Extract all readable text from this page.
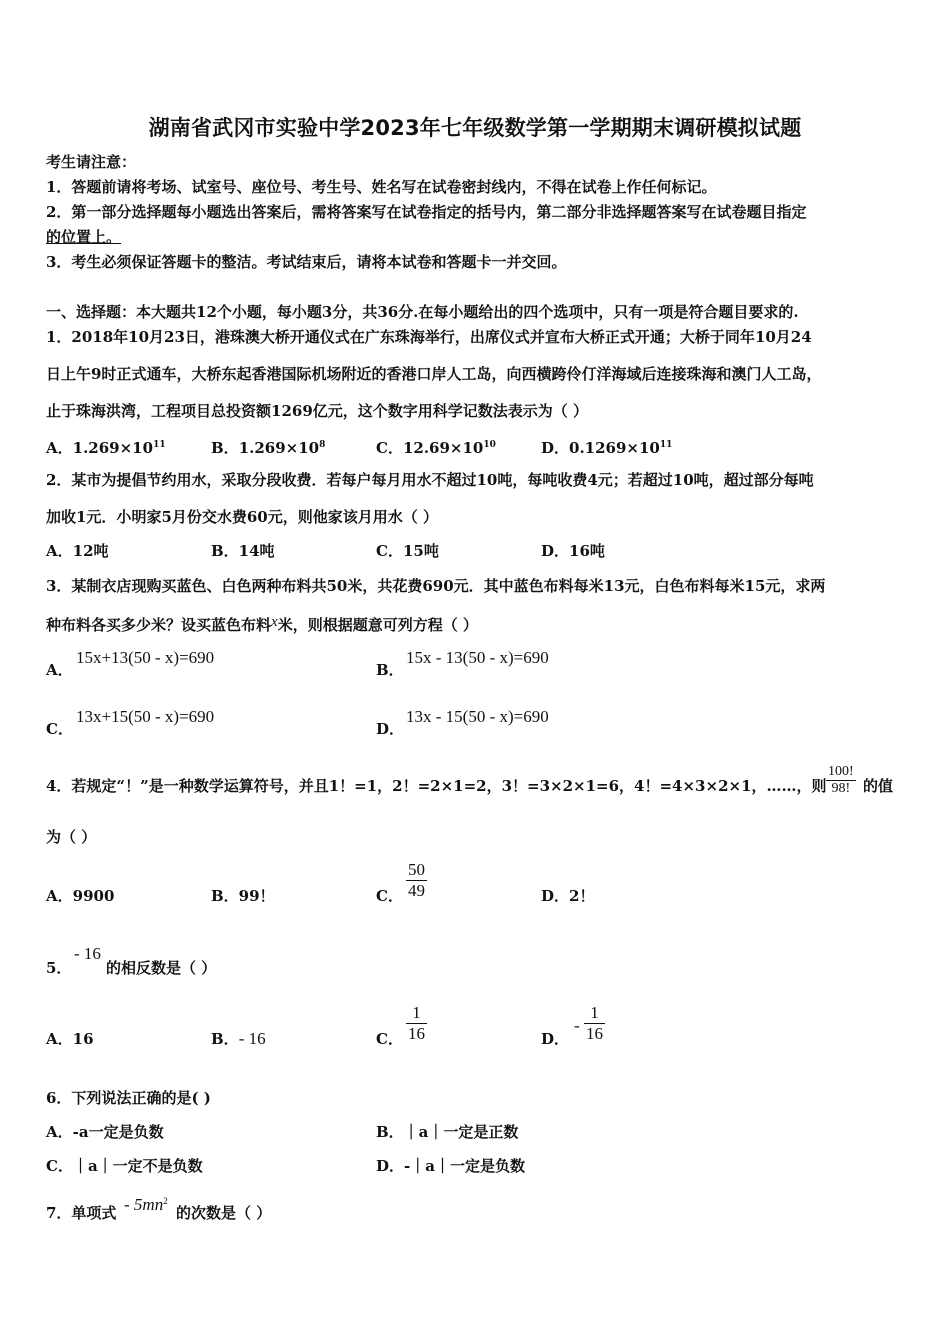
湖南省武冈市实验中学2023年七年级数学第一学期期末调研模拟试题
考生请注意：
1．答题前请将考场、试室号、座位号、考生号、姓名写在试卷密封线内，不得在试卷上作任何标记。
2．第一部分选择题每小题选出答案后，需将答案写在试卷指定的括号内，第二部分非选择题答案写在试卷题目指定
的位置上。
3．考生必须保证答题卡的整洁。考试结束后，请将本试卷和答题卡一并交回。
一、选择题：本大题共12个小题，每小题3分，共36分.在每小题给出的四个选项中，只有一项是符合题目要求的.
1．2018年10月23日，港珠澳大桥开通仪式在广东珠海举行，出席仪式并宣布大桥正式开通；大桥于同年10月24
日上午9时正式通车，大桥东起香港国际机场附近的香港口岸人工岛，向西横跨伶仃洋海域后连接珠海和澳门人工岛，
止于珠海洪湾，工程项目总投资额1269亿元，这个数字用科学记数法表示为（ ）
A．$1.269\times 10^{11}$	B．$1.269\times 10^8$	C．$12.69\times 10^{10}$	D．$0.1269\times 10^{11}$
2．某市为提倡节约用水，采取分段收费．若每户每月用水不超过10吨，每吨收费4元；若超过10吨，超过部分每吨
加收1元．小明家5月份交水费60元，则他家该月用水（ ）
A．12吨	B．14吨	C．15吨	D．16吨
3．某制衣店现购买蓝色、白色两种布料共50米，共花费690元．其中蓝色布料每米13元，白色布料每米15元，求两
种布料各买多少米？设买蓝色布料x米，则根据题意可列方程（ ）
A．
15x+13(50 - x)=690
B．
15x - 13(50 - x)=690
C．
13x+15(50 - x)=690
D．
13x - 15(50 - x)=690
4．若规定“！”是一种数学运算符号，并且1！=1，2！=2×1=2，3！=3×2×1=6，4！=4×3×2×1，……，则 $\frac{100!}{98!}$ 的值
为（ ）
A．9900	B．99！	C． $\frac{50}{49}$	D．2！
5．
- 16
的相反数是（ ）
A．16	B．- 16	C． $\frac{1}{16}$	D．
- $\frac{1}{16}$
6．下列说法正确的是( )
A．-a一定是负数	B．｜a｜一定是正数
C．｜a｜一定不是负数	D．-｜a｜一定是负数
7．单项式 - $5mn^2$
的次数是（ ）
